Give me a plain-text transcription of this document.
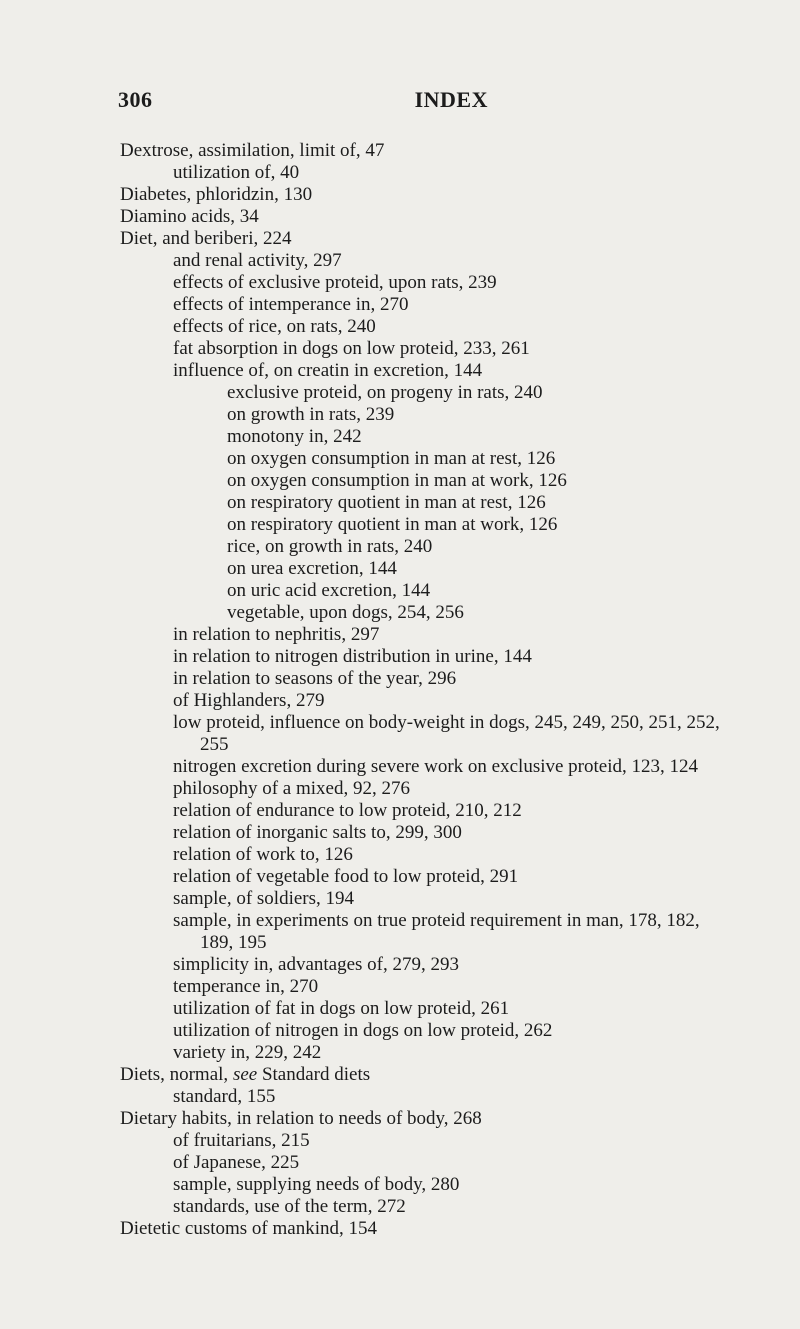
306	INDEX
Dextrose, assimilation, limit of, 47
utilization of, 40
Diabetes, phloridzin, 130
Diamino acids, 34
Diet, and beriberi, 224
and renal activity, 297
effects of exclusive proteid, upon rats, 239
effects of intemperance in, 270
effects of rice, on rats, 240
fat absorption in dogs on low proteid, 233, 261
influence of, on creatin in excretion, 144
exclusive proteid, on progeny in rats, 240
on growth in rats, 239
monotony in, 242
on oxygen consumption in man at rest, 126
on oxygen consumption in man at work, 126
on respiratory quotient in man at rest, 126
on respiratory quotient in man at work, 126
rice, on growth in rats, 240
on urea excretion, 144
on uric acid excretion, 144
vegetable, upon dogs, 254, 256
in relation to nephritis, 297
in relation to nitrogen distribution in urine, 144
in relation to seasons of the year, 296
of Highlanders, 279
low proteid, influence on body-weight in dogs, 245, 249, 250, 251, 252,
255
nitrogen excretion during severe work on exclusive proteid, 123, 124
philosophy of a mixed, 92, 276
relation of endurance to low proteid, 210, 212
relation of inorganic salts to, 299, 300
relation of work to, 126
relation of vegetable food to low proteid, 291
sample, of soldiers, 194
sample, in experiments on true proteid requirement in man, 178, 182,
189, 195
simplicity in, advantages of, 279, 293
temperance in, 270
utilization of fat in dogs on low proteid, 261
utilization of nitrogen in dogs on low proteid, 262
variety in, 229, 242
Diets, normal, see Standard diets
standard, 155
Dietary habits, in relation to needs of body, 268
of fruitarians, 215
of Japanese, 225
sample, supplying needs of body, 280
standards, use of the term, 272
Dietetic customs of mankind, 154
